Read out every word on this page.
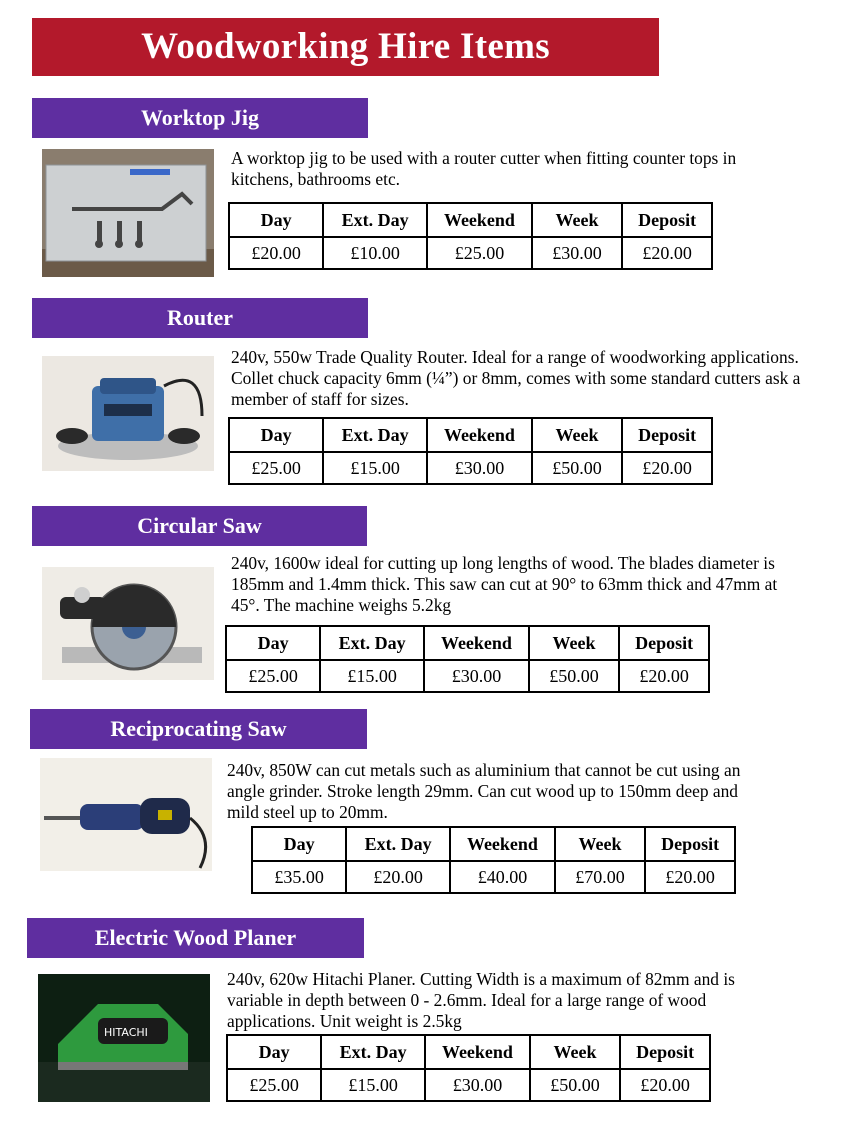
Woodworking Hire Items
Worktop Jig

A worktop jig to be used with a router cutter when fitting counter tops in kitchens, bathrooms etc.

Day	Ext. Day	Weekend	Week	Deposit
£20.00	£10.00	£25.00	£30.00	£20.00
Router

240v, 550w Trade Quality Router. Ideal for a range of woodworking applications. Collet chuck capacity 6mm (¼”) or 8mm, comes with some standard cutters ask a member of staff for sizes.

Day	Ext. Day	Weekend	Week	Deposit
£25.00	£15.00	£30.00	£50.00	£20.00
Circular Saw

240v, 1600w ideal for cutting up long lengths of wood. The blades diameter is 185mm and 1.4mm thick. This saw can cut at 90° to 63mm thick and 47mm at 45°. The machine weighs 5.2kg

Day	Ext. Day	Weekend	Week	Deposit
£25.00	£15.00	£30.00	£50.00	£20.00
Reciprocating Saw

240v, 850W can cut metals such as aluminium that cannot be cut using an angle grinder. Stroke length 29mm. Can cut wood up to 150mm deep and mild steel up to 20mm.

Day	Ext. Day	Weekend	Week	Deposit
£35.00	£20.00	£40.00	£70.00	£20.00
Electric Wood Planer
HITACHI

240v, 620w Hitachi Planer. Cutting Width is a maximum of 82mm and is variable in depth between 0 - 2.6mm. Ideal for a large range of wood applications. Unit weight is 2.5kg

Day	Ext. Day	Weekend	Week	Deposit
£25.00	£15.00	£30.00	£50.00	£20.00
